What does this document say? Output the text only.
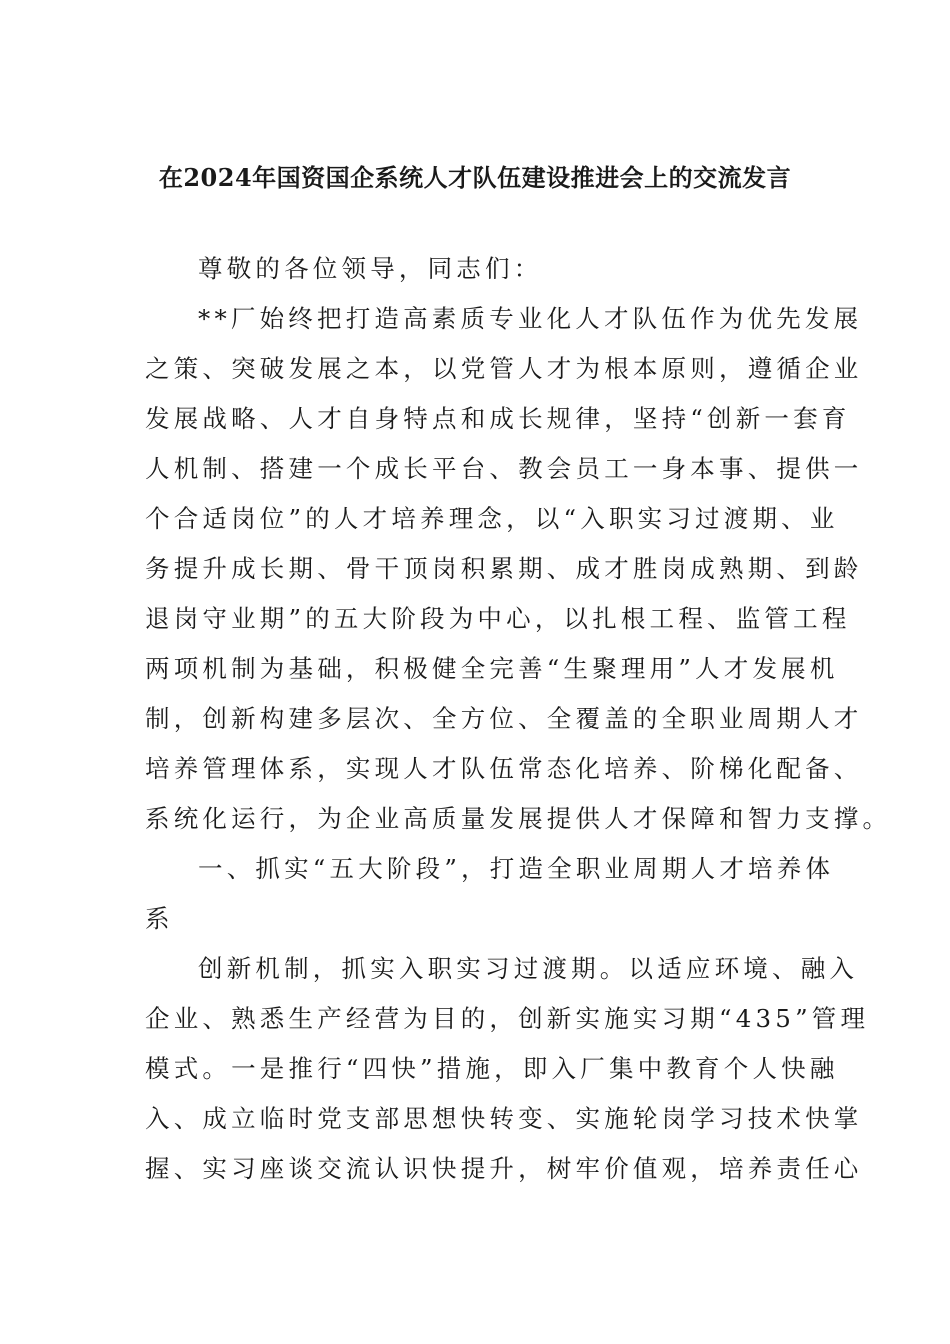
在2024年国资国企系统人才队伍建设推进会上的交流发言
尊敬的各位领导，同志们：
**厂始终把打造高素质专业化人才队伍作为优先发展
之策、突破发展之本，以党管人才为根本原则，遵循企业
发展战略、人才自身特点和成长规律，坚持“创新一套育
人机制、搭建一个成长平台、教会员工一身本事、提供一
个合适岗位”的人才培养理念，以“入职实习过渡期、业
务提升成长期、骨干顶岗积累期、成才胜岗成熟期、到龄
退岗守业期”的五大阶段为中心，以扎根工程、监管工程
两项机制为基础，积极健全完善“生聚理用”人才发展机
制，创新构建多层次、全方位、全覆盖的全职业周期人才
培养管理体系，实现人才队伍常态化培养、阶梯化配备、
系统化运行，为企业高质量发展提供人才保障和智力支撑。
一、抓实“五大阶段”，打造全职业周期人才培养体
系
创新机制，抓实入职实习过渡期。以适应环境、融入
企业、熟悉生产经营为目的，创新实施实习期“435”管理
模式。一是推行“四快”措施，即入厂集中教育个人快融
入、成立临时党支部思想快转变、实施轮岗学习技术快掌
握、实习座谈交流认识快提升，树牢价值观，培养责任心
